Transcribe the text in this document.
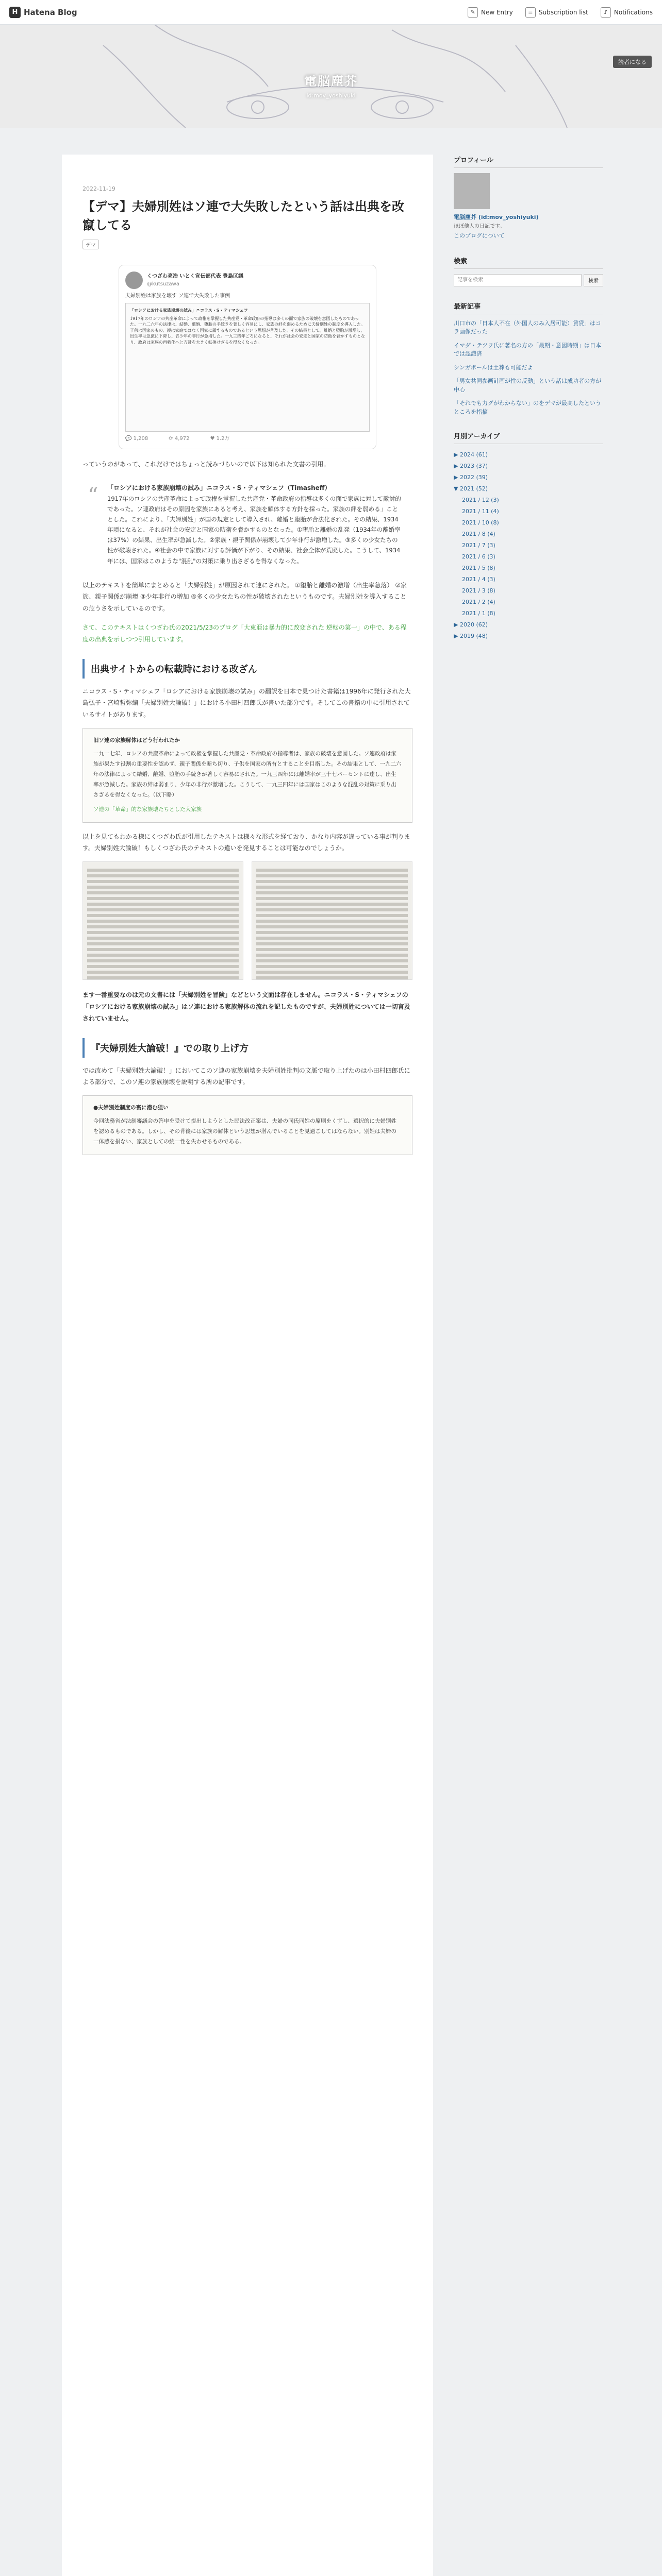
H Hatena Blog	✎ New Entry	≡ Subscription list	♪	Notifications
電脳塵芥
id:mov_yoshiyuki
読者になる
2022-11-19
【デマ】夫婦別姓はソ連で大失敗したという話は出典を改竄してる
デマ
くつざわ亮治 いとく宣伝部代表 豊島区議
@kutsuzawa
夫婦別姓は家族を壊す ソ連で大失敗した事例
「ロシアにおける家族崩壊の試み」ニコラス・S・ティマシェフ
1917年のロシアの共産革命によって政権を掌握した共産党・革命政府の指導は多くの面で家族の破壊を意図したものであった。一九二六年の法律は、結婚、離婚、堕胎の手続きを著しく容易にし、家族の絆を弱めるために夫婦別姓の制度を導入した。子供は国家のもの、親は家庭ではなく国家に属するものであるという思想が普及した。その結果として、離婚と堕胎が激増し、出生率は急激に下降し、青少年の非行が急増した。一九三四年ごろになると、それが社会の安定と国家の防衛を脅かすものとなり、政府は家族の再強化へと方針を大きく転換せざるを得なくなった。
💬 1,208	⟳ 4,972	♥ 1.2万

っていうのがあって、これだけではちょっと読みづらいので以下は知られた文書の引用。

“ 「ロシアにおける家族崩壊の試み」ニコラス・S・ティマシェフ（Timasheff）
1917年のロシアの共産革命によって政権を掌握した共産党・革命政府の指導は多くの面で家族に対して敵対的であった。ソ連政府はその原因を家族にあると考え、家族を解体する方針を採った。家族の絆を弱める」こととした。これにより、「夫婦別姓」が国の規定として導入され、離婚と堕胎が合法化された。その結果、1934年頃になると、それが社会の安定と国家の防衛を脅かすものとなった。①堕胎と離婚の乱発（1934年の離婚率は37%）の結果、出生率が急減した。②家族・親子関係が崩壊して少年非行が激増した。③多くの少女たちの性が破壊された。④社会の中で家族に対する評価が下がり、その結果、社会全体が荒廃した。こうして、1934年には、国家はこのような"混乱"の対策に乗り出さざるを得なくなった。

以上のテキストを簡単にまとめると「夫婦別姓」が原因されて連にされた。 ①堕胎と離婚の激増（出生率急落） ②家族、親子関係が崩壊 ③少年非行の増加 ④多くの少女たちの性が破壊されたというものです。夫婦別姓を導入することの危うさを示しているのです。

さて、このテキストはくつざわ氏の2021/5/23のブログ「大東亜は暴力的に改変された 逆転の第一」の中で、ある程度の出典を示しつつ引用しています。

出典サイトからの転載時における改ざん

ニコラス・S・ティマシェフ「ロシアにおける家族崩壊の試み」の翻訳を日本で見つけた書籍は1996年に発行された大島弘子・宮崎哲弥編「夫婦別姓大論破！」における小田村四郎氏が書いた部分です。そしてこの書籍の中に引用されているサイトがあります。

旧ソ連の家族解体はどう行われたか
一九一七年、ロシアの共産革命によって政権を掌握した共産党・革命政府の指導者は、家族の破壊を意図した。ソ連政府は家族が果たす役割の重要性を認めず、親子関係を断ち切り、子供を国家の所有とすることを目指した。その結果として、一九二六年の法律によって結婚、離婚、堕胎の手続きが著しく容易にされた。一九三四年には離婚率が三十七パーセントに達し、出生率が急減した。家族の絆は弱まり、少年の非行が激増した。こうして、一九三四年には国家はこのような混乱の対策に乗り出さざるを得なくなった。（以下略）
ソ連の「革命」的な家族壊たちとした大家族

以上を見てもわかる様にくつざわ氏が引用したテキストは様々な形式を経ており、かなり内容が違っている事が判ります。夫婦別姓大論破！もしくつざわ氏のテキストの違いを発見することは可能なのでしょうか。

ます一番重要なのは元の文書には「夫婦別姓を冒険」などという文面は存在しません。ニコラス・S・ティマシェフの「ロシアにおける家族崩壊の試み」はソ連における家族解体の流れを記したものですが、夫婦別姓については一切言及されていません。

『夫婦別姓大論破！』での取り上げ方

では改めて「夫婦別姓大論破！」においてこのソ連の家族崩壊を夫婦別姓批判の文脈で取り上げたのは小田村四郎氏による部分で、このソ連の家族崩壊を説明する所の記事です。

●夫婦別姓制度の裏に潜む狙い
今回法務省が法制審議会の答申を受けて提出しようとした民法改正案は、夫婦の同氏同姓の原則をくずし、選択的に夫婦別姓を認めるものである。しかし、その背後には家族の解体という思想が潜んでいることを見過ごしてはならない。別姓は夫婦の一体感を損ない、家族としての統一性を失わせるものである。
プロフィール
電脳塵芥 (id:mov_yoshiyuki)
ほぼ他人の日記です。
このブログについて
検索
記事を検索
検索
最新記事
川口市の「日本人不在（外国人のみ入居可能）賃貸」はコラ画像だった
イマダ・テツヲ氏に著名の方の「最期・意図時期」は日本では認識済
シンガポールは土葬も可能だよ
「男女共同参画計画が性の反動」という話は成功者の方が中心
「それでも力グがわからない」のをデマが最高したというところを指摘
月別アーカイブ
▶ 2024 (61)
▶ 2023 (37)
▶ 2022 (39)
▼ 2021 (52)
2021 / 12 (3)
2021 / 11 (4)
2021 / 10 (8)
2021 / 8 (4)
2021 / 7 (3)
2021 / 6 (3)
2021 / 5 (8)
2021 / 4 (3)
2021 / 3 (8)
2021 / 2 (4)
2021 / 1 (8)
▶ 2020 (62)
▶ 2019 (48)
